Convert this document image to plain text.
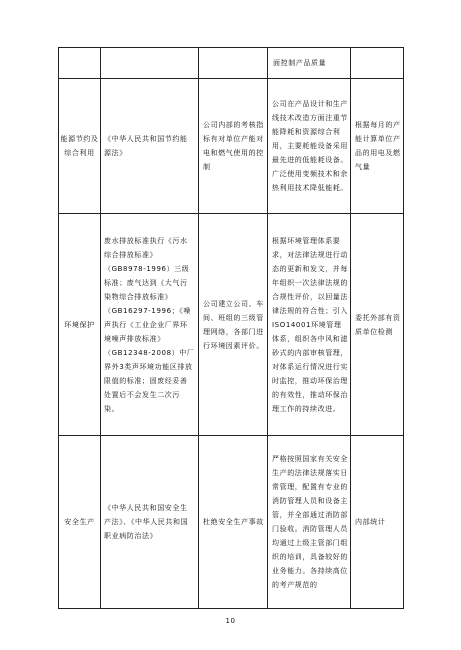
面控制产品质量
能源节约及综合利用
《中华人民共和国节约能源法》
公司内部的考核指标有对单位产能对电和燃气使用的控制
公司在产品设计和生产线技术改造方面注重节能降耗和资源综合利用，主要耗能设备采用最先进的低能耗设备。广泛使用变频技术和余热利用技术降低能耗。
根据每月的产能计算单位产品的用电及燃气量
环境保护
废水排放标准执行《污水综合排放标准》（GB8978-1996）三级标准；废气达到《大气污染物综合排放标准》（GB16297-1996；《噪声执行《工业企业厂界环境噪声排放标准》（GB12348-2008）中厂界外3类声环境功能区排放限值的标准；固废经妥善处置后不会发生二次污染。
公司建立公司、车间、班组的三级管理网络，各部门进行环境因素评价。
根据环境管理体系要求，对法律法规进行动态的更新和发文，并每年组织一次法律法规的合规性评价，以回量法律法规的符合性；引入ISO14001环境管理体系，组织各中风和滤砂式的内部审核管理，对体系运行情况进行实时监控，推动环保治理的有效性，推动环保治理工作的持续改进。
委托外部有资质单位检测
安全生产
《中华人民共和国安全生产法》、《中华人民共和国职业病防治法》
杜绝安全生产事故
严格按照国家有关安全生产的法律法规落实日常管理，配置有专业的消防管理人员和设备主管，并全部通过消防部门验收。消防管理人员均通过上级主管部门组织的培训，具备较好的业务能力。各持续高位的考产规范的
内部统计
10
